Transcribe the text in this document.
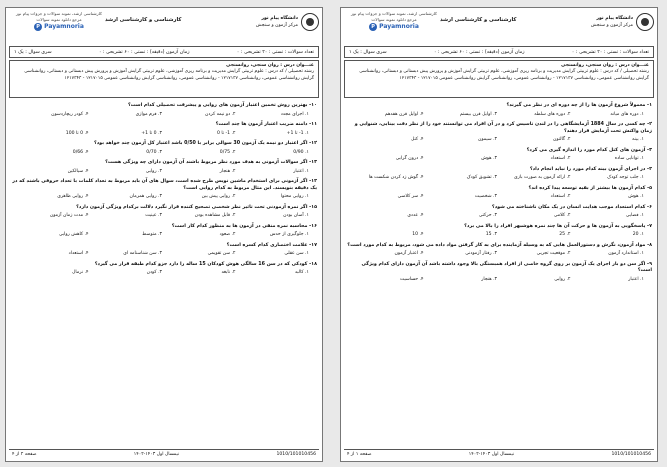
دانشگاه پیام نور
مرکز آزمون و سنجش
کارشناسی و کارشناسی ارشد
کارشناسی ارشد، نمونه سوالات و جزوات پیام نور
مرجع دانلود نمونه سوالات
P Payamnoria
سری سوال : یک ۱	زمان آزمون (دقیقه) : تستی : ۶۰ تشریحی : ۰	تعداد سوالات : تستی : ۲۰ تشریحی : ۰
عنـــوان درس : روان سنجی، روانسنجی
رشته تحصیلی / کد درس : علوم تربیتی گرایش مدیریت و برنامه ریزی آموزشی، علوم تربیتی گرایش آموزش و پرورش پیش دبستانی و دبستانی، روانشناسی گرایش روانشناسی عمومی، روانشناسی ۱۲۱۷۱۳۷ - روانشناسی عمومی، روانشناسی گرایش روانشناسی عمومی ۱۲۱۷۰۱۵ - ۱۲۱۷۳۴۳
۱- معمولاً شروع آزمون ها را از چه دوره ای در نظر می گیرند؟
۱. دوره های میانه
۲. دوره های سلطه
۳. اوایل قرن بیستم
۴. اوایل قرن هفدهم
۲- چه کسی در سال 1884 آزمایشگاهی را در لندن تاسیس کرد و در آن افراد می توانستند خود را از نظر دقت بینایی، شنوایی و زمان واکنش تحت آزمایش قرار دهند؟
۱. بینه
۲. گالتون
۳. سیمون
۴. کتل
۳- آزمون های کتل کدام مورد را اندازه گیری می کرد؟
۱. توانایی ساده
۲. استعداد
۳. هوش
۴. درون گرایی
۴- در اجرای آزمون بینه کدام مورد را نباید انجام داد؟
۱. جلب توجه کودک
۲. ارائه آزمون به صورت بازی
۳. تشویق کودک
۴. گوش زد کردن شکست ها
۵- کدام آزمون ها بیشتر از بقیه توسعه پیدا کرده اند؟
۱. هوش
۲. استعداد
۳. شخصیت
۴. سر کلاسی
۶- کدام استعداد موجب هدایت انسان در یک مکان ناشناخته می شود؟
۱. فضایی
۲. کلامی
۳. حرکتی
۴. عددی
۷- پاسخگویی به آزمون ها و حرکت آن ها چند نمره هوشبهر افراد را بالا می برد؟
۱. 20
۲. 25
۳. 15
۴. 10
۸- مواد آزمون، نگرش و دستورالعمل هایی که به وسیله آزماینده برای به کار گرفتن مواد داده می شود، مربوط به کدام مورد است؟
۱. استاندارد آزمون
۲. موقعیت تجربی
۳. رفتار آزمودنی
۴. اعتبار آزمون
۹- اگر سن دو بار اجرای یک آزمون بر روی گروه خاصی از افراد همبستگی بالا وجود داشته باشد آن آزمون دارای کدام ویژگی است؟
۱. اعتبار
۲. روایی
۳. هنجار
۴. حساسیت
صفحه ۱ از ۴	نیمسال اول ۱۴۰۳-۱۴۰۲	1010/101010456
دانشگاه پیام نور
مرکز آزمون و سنجش
کارشناسی و کارشناسی ارشد
کارشناسی ارشد، نمونه سوالات و جزوات پیام نور
مرجع دانلود نمونه سوالات
P Payamnoria
سری سوال : یک ۱	زمان آزمون (دقیقه) : تستی : ۶۰ تشریحی : ۰	تعداد سوالات : تستی : ۲۰ تشریحی : ۰
عنـــوان درس : روان سنجی، روانسنجی
رشته تحصیلی / کد درس : علوم تربیتی گرایش مدیریت و برنامه ریزی آموزشی، علوم تربیتی گرایش آموزش و پرورش پیش دبستانی و دبستانی، روانشناسی گرایش روانشناسی عمومی، روانشناسی ۱۲۱۷۱۳۷ - روانشناسی عمومی، روانشناسی گرایش روانشناسی عمومی ۱۲۱۷۰۱۵ - ۱۲۱۷۳۴۳
۱۰- بهترین روش تخمین اعتبار آزمون های روایی و پیشرفت تحصیلی کدام است؟
۱. اجرای مجدد
۲. دو نیمه کردن
۳. فرم موازی
۴. کودر ریچاردسون
۱۱- دامنه ضریب اعتبار آزمون ها چند است؟
۱. 1- تا 1+
۲. 1- تا 0
۳. 0 تا 1+
۴. 0 تا 100
۱۲- اگر اعتبار دو نیمه یک آزمون 30 سوالی برابر با 0/50 باشد اعتبار کل آزمون چند خواهد بود؟
۱. 0/90
۲. 0/75
۳. 0/70
۴. 0/66
۱۳- اگر سوالات آزمونی به هدف مورد نظر مربوط باشند آن آزمون دارای چه ویژگی هست؟
۱. اعتبار
۲. هنجار
۳. روایی
۴. سیالکین
۱۴- اگر آزمونی برای استخدام ماشین نویس طرح شده است، سوال های آن باید مربوط به تعداد کلمات با تعداد حروفی باشند که در یک دقیقه بنویسند. این مثال مربوط به کدام روایی است؟
۱. روایی محتوا
۲. روایی پیش بین
۳. روایی همزمان
۴. روایی ظاهری
۱۵- اگر نمره آزمودنی تحت تاثیر نظر شخصی تصحیح کننده قرار نگیرد دلالت برکدام ویژگی آزمون دارد؟
۱. آسان بودن
۲. قابل مشاهده بودن
۳. عینیت
۴. مدت زمان آزمون
۱۶- محاسبه نمره منفی در آزمون ها به منظور کدام کار است؟
۱. جلوگیری از حدس
۲. صعود
۳. متوسط
۴. کاهش روایی
۱۷- علامت اختصاری کدام کسره است؟
۱. سن عقلی
۲. سن تقویمی
۳. سن شناسنامه ای
۴. استعداد
۱۸- کودکی که در سن 16 سالگی هوش کودکان 15 ساله را دارد جزو کدام طبقه قرار می گیرد؟
۱. کالبد
۲. نابغه
۳. کودن
۴. نرمال
صفحه ۲ از ۴	نیمسال اول ۱۴۰۳-۱۴۰۲	1010/101010456
